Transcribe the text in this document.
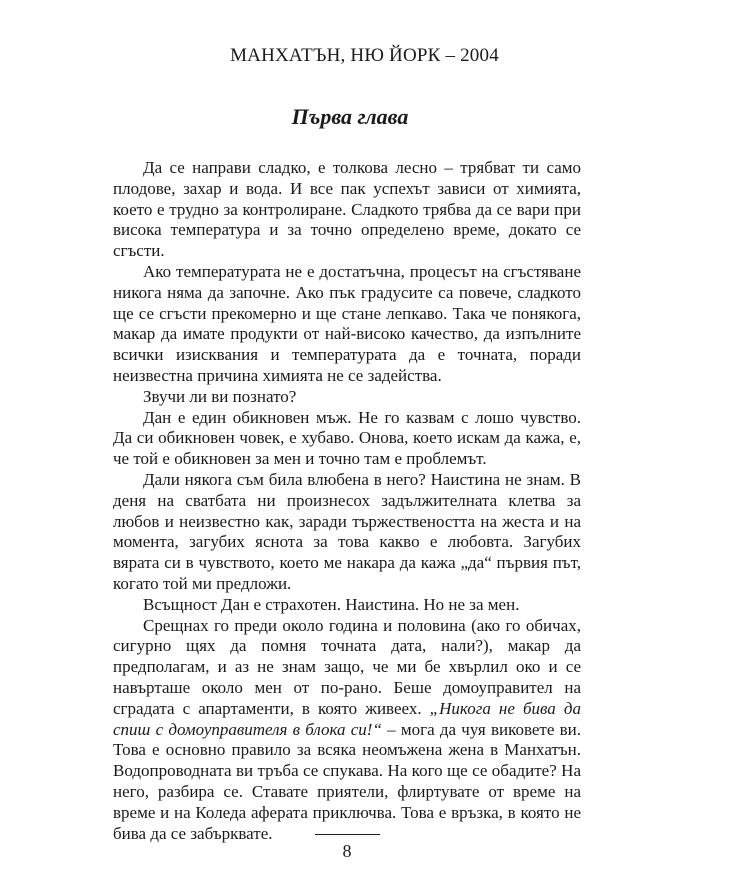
МАНХАТЪН, НЮ ЙОРК – 2004
Първа глава

Да се направи сладко, е толкова лесно – трябват ти само плодове, захар и вода. И все пак успехът зависи от химията, което е трудно за контролиране. Сладкото трябва да се вари при висока температура и за точно определено време, докато се сгъсти.

Ако температурата не е достатъчна, процесът на сгъстяване никога няма да започне. Ако пък градусите са повече, сладкото ще се сгъсти прекомерно и ще стане лепкаво. Така че понякога, макар да имате продукти от най-високо качество, да изпълните всички изисквания и температурата да е точната, поради неизвестна причина химията не се задейства.

Звучи ли ви познато?

Дан е един обикновен мъж. Не го казвам с лошо чувство. Да си обикновен човек, е хубаво. Онова, което искам да кажа, е, че той е обикновен за мен и точно там е проблемът.

Дали някога съм била влюбена в него? Наистина не знам. В деня на сватбата ни произнесох задължителната клетва за любов и неизвестно как, заради тържествеността на жеста и на момента, загубих яснота за това какво е любовта. Загубих вярата си в чувството, което ме накара да кажа „да“ първия път, когато той ми предложи.

Всъщност Дан е страхотен. Наистина. Но не за мен.

Срещнах го преди около година и половина (ако го обичах, сигурно щях да помня точната дата, нали?), макар да предполагам, и аз не знам защо, че ми бе хвърлил око и се навърташе около мен от по-рано. Беше домоуправител на сградата с апартаменти, в която живеех. „Никога не бива да спиш с домоуправителя в блока си!“ – мога да чуя виковете ви. Това е основно правило за всяка неомъжена жена в Манхатън. Водопроводната ви тръба се спукава. На кого ще се обадите? На него, разбира се. Ставате приятели, флиртувате от време на време и на Коледа аферата приключва. Това е връзка, в която не бива да се забърквате.

8
